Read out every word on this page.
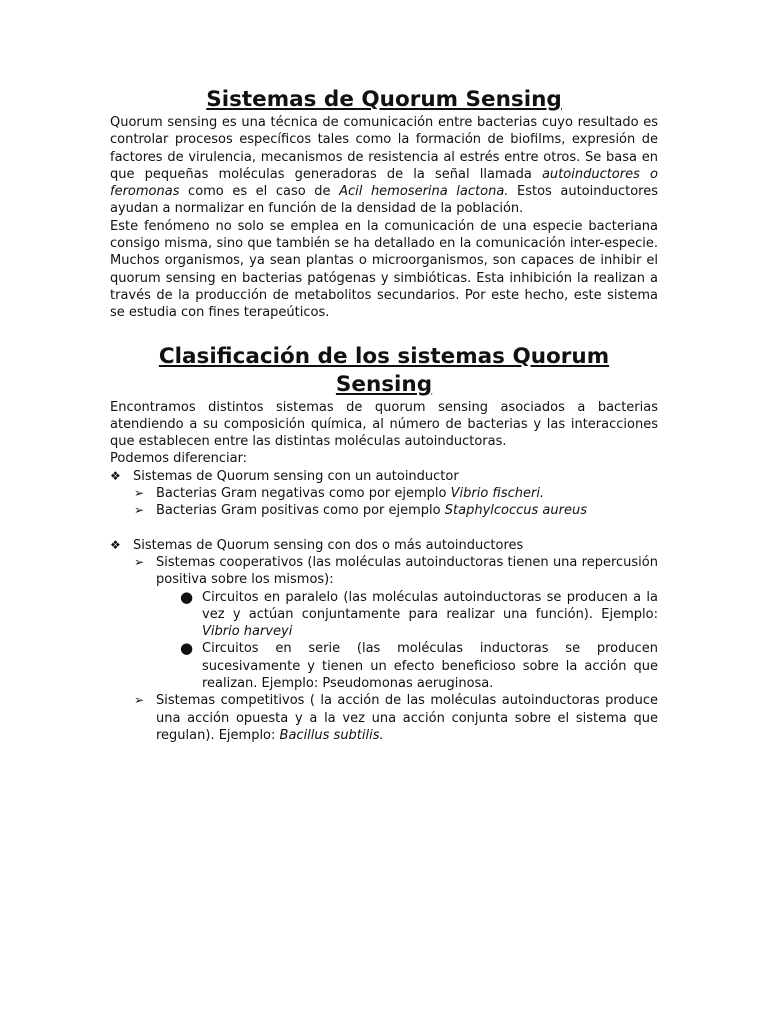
Sistemas de Quorum Sensing

Quorum sensing es una técnica de comunicación entre bacterias cuyo resultado es controlar procesos específicos tales como la formación de biofilms, expresión de factores de virulencia, mecanismos de resistencia al estrés entre otros. Se basa en que pequeñas moléculas generadoras de la señal llamada autoinductores o feromonas como es el caso de Acil hemoserina lactona. Estos autoinductores ayudan a normalizar en función de la densidad de la población.

Este fenómeno no solo se emplea en la comunicación de una especie bacteriana consigo misma, sino que también se ha detallado en la comunicación inter-especie. Muchos organismos, ya sean plantas o microorganismos, son capaces de inhibir el quorum sensing en bacterias patógenas y simbióticas. Esta inhibición la realizan a través de la producción de metabolitos secundarios. Por este hecho, este sistema se estudia con fines terapeúticos.

Clasificación de los sistemas Quorum Sensing

Encontramos distintos sistemas de quorum sensing asociados a bacterias atendiendo a su composición química, al número de bacterias y las interacciones que establecen entre las distintas moléculas autoinductoras.

Podemos diferenciar:

❖ Sistemas de Quorum sensing con un autoinductor
➢ Bacterias Gram negativas como por ejemplo Vibrio fischeri.
➢ Bacterias Gram positivas como por ejemplo Staphylcoccus aureus
❖ Sistemas de Quorum sensing con dos o más autoinductores
➢ Sistemas cooperativos (las moléculas autoinductoras tienen una repercusión positiva sobre los mismos):
● Circuitos en paralelo (las moléculas autoinductoras se producen a la vez y actúan conjuntamente para realizar una función). Ejemplo: Vibrio harveyi
● Circuitos en serie (las moléculas inductoras se producen sucesivamente y tienen un efecto beneficioso sobre la acción que realizan. Ejemplo: Pseudomonas aeruginosa.
➢ Sistemas competitivos ( la acción de las moléculas autoinductoras produce una acción opuesta y a la vez una acción conjunta sobre el sistema que regulan). Ejemplo: Bacillus subtilis.
